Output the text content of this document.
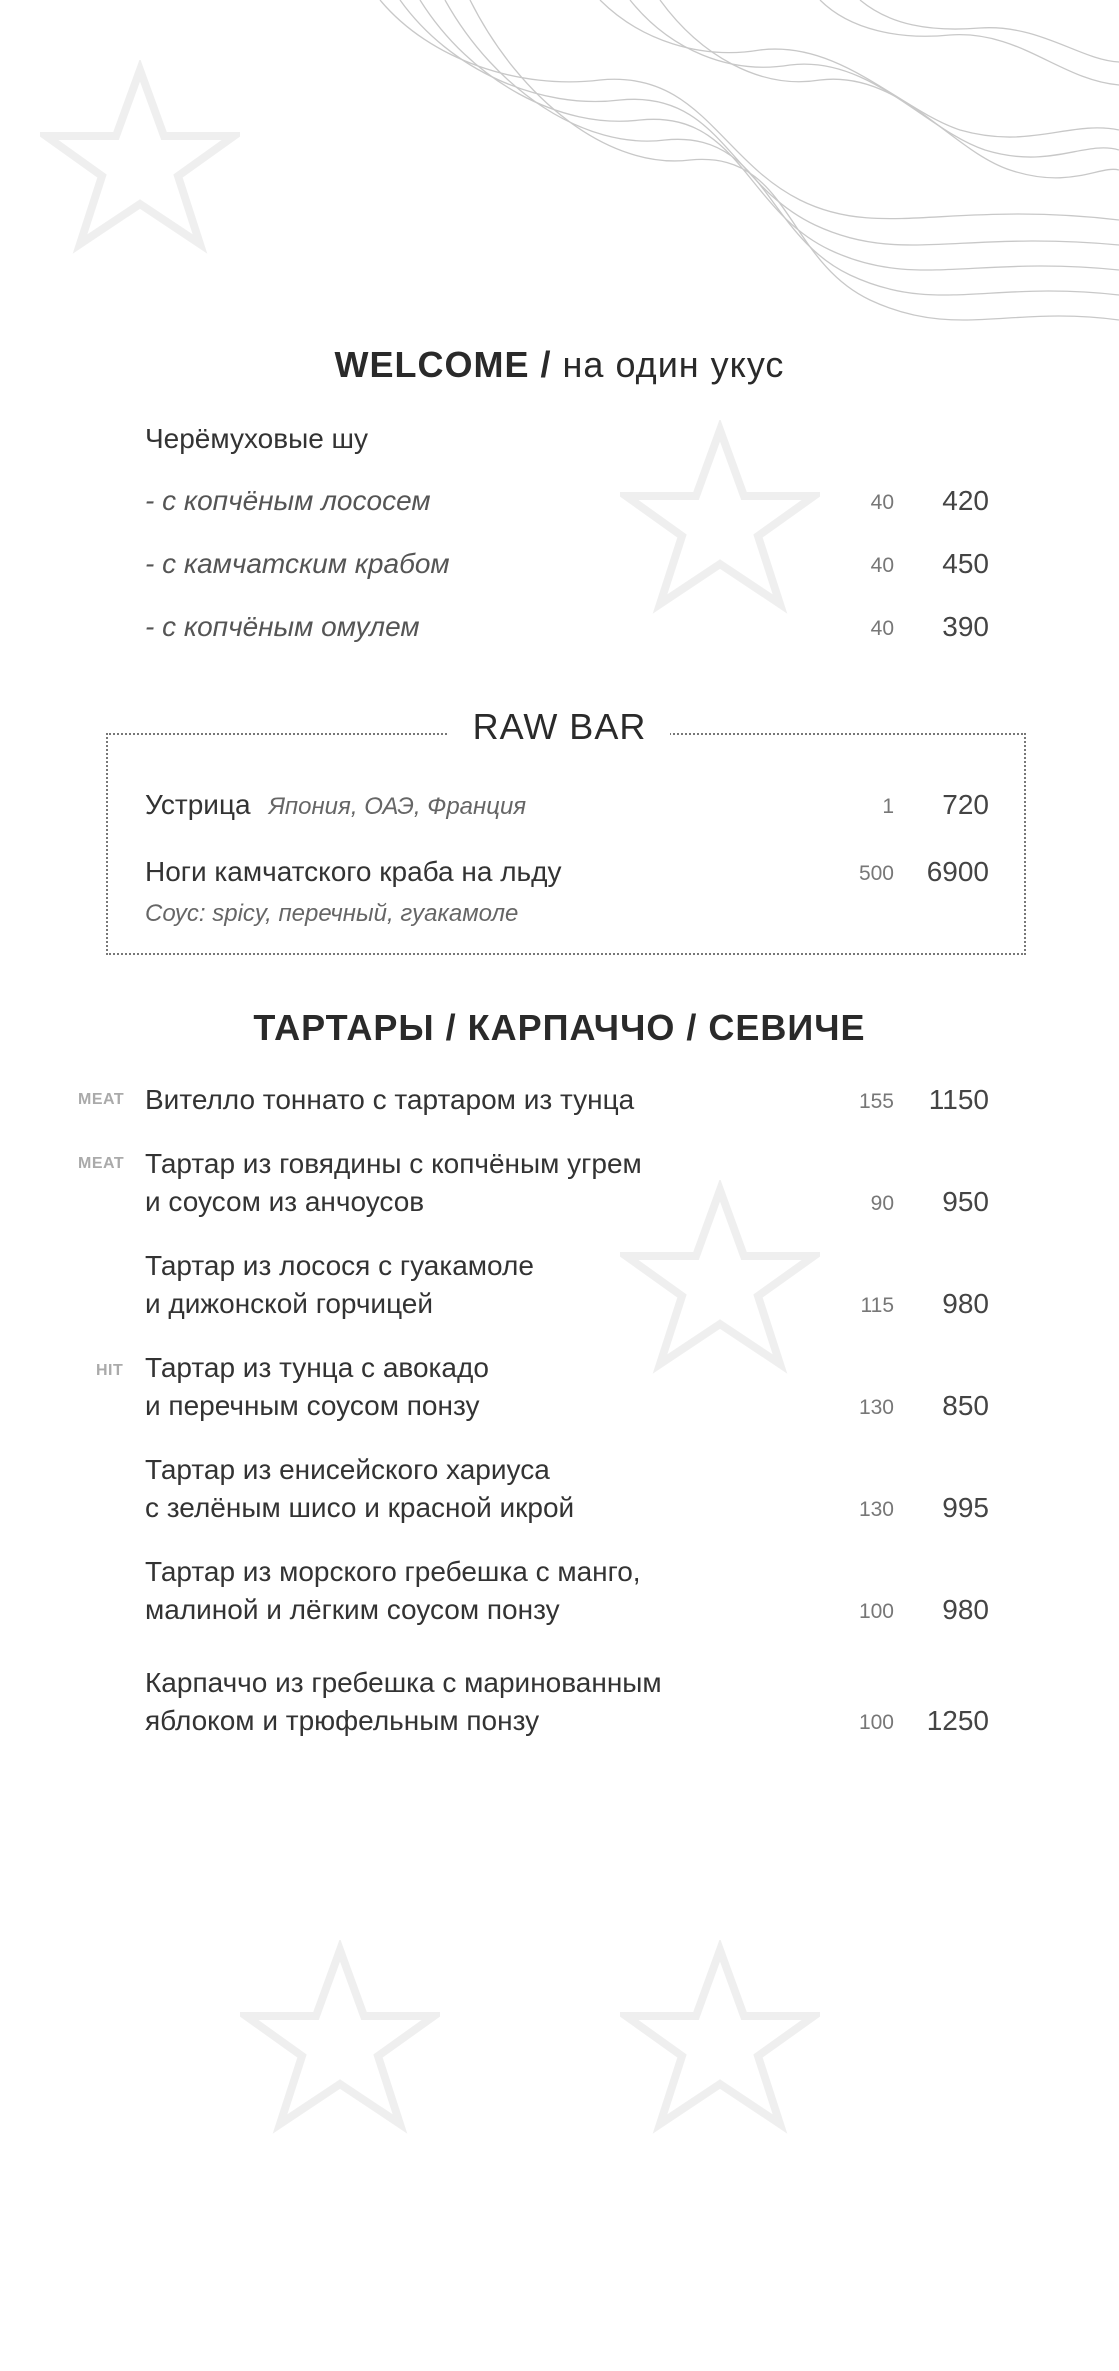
WELCOME / на один укус
Черёмуховые шу
- с копчёным лососем	40 420
- с камчатским крабом	40 450
- с копчёным омулем	40 390
RAW BAR
Устрица Япония, ОАЭ, Франция	1 720
Ноги камчатского краба на льду	500 6900
Соус: spicy, перечный, гуакамоле
ТАРТАРЫ / КАРПАЧЧО / СЕВИЧЕ
MEAT Вителло тоннато с тартаром из тунца	155 1150
MEAT Тартар из говядины с копчёным угрем
и соусом из анчоусов	90 950
Тартар из лосося с гуакамоле
и дижонской горчицей	115 980
HIT Тартар из тунца с авокадо
и перечным соусом понзу	130 850
Тартар из енисейского хариуса
с зелёным шисо и красной икрой	130 995
Тартар из морского гребешка с манго,
малиной и лёгким соусом понзу	100 980
Карпаччо из гребешка с маринованным
яблоком и трюфельным понзу	100 1250
